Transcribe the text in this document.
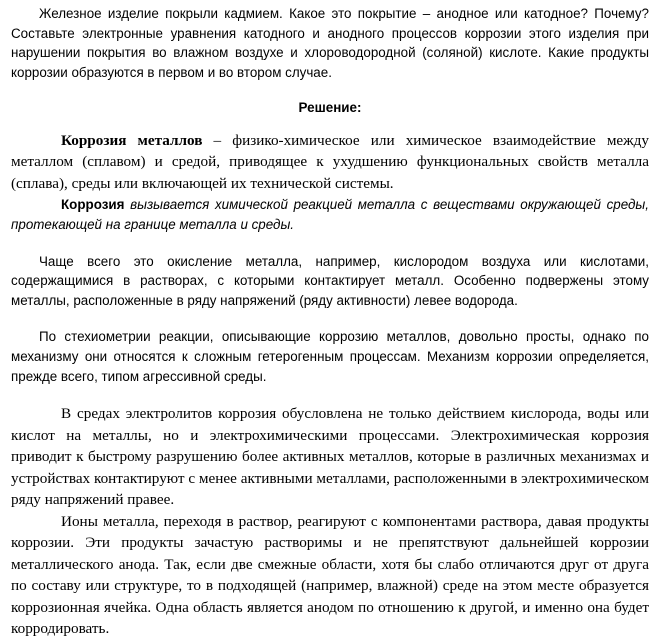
Железное изделие покрыли кадмием. Какое это покрытие – анодное или катодное? Почему? Составьте электронные уравнения катодного и анодного процессов коррозии этого изделия при нарушении покрытия во влажном воздухе и хлороводородной (соляной) кислоте. Какие продукты коррозии образуются в первом и во втором случае.

Решение:

Коррозия металлов – физико-химическое или химическое взаимодействие между металлом (сплавом) и средой, приводящее к ухудшению функциональных свойств металла (сплава), среды или включающей их технической системы.

Коррозия вызывается химической реакцией металла с веществами окружающей среды, протекающей на границе металла и среды.

Чаще всего это окисление металла, например, кислородом воздуха или кислотами, содержащимися в растворах, с которыми контактирует металл. Особенно подвержены этому металлы, расположенные в ряду напряжений (ряду активности) левее водорода.

По стехиометрии реакции, описывающие коррозию металлов, довольно просты, однако по механизму они относятся к сложным гетерогенным процессам. Механизм коррозии определяется, прежде всего, типом агрессивной среды.

В средах электролитов коррозия обусловлена не только действием кислорода, воды или кислот на металлы, но и электрохимическими процессами. Электрохимическая коррозия приводит к быстрому разрушению более активных металлов, которые в различных механизмах и устройствах контактируют с менее активными металлами, расположенными в электрохимическом ряду напряжений правее.

Ионы металла, переходя в раствор, реагируют с компонентами раствора, давая продукты коррозии. Эти продукты зачастую растворимы и не препятствуют дальнейшей коррозии металлического анода. Так, если две смежные области, хотя бы слабо отличаются друг от друга по составу или структуре, то в подходящей (например, влажной) среде на этом месте образуется коррозионная ячейка. Одна область является анодом по отношению к другой, и именно она будет корродировать.
